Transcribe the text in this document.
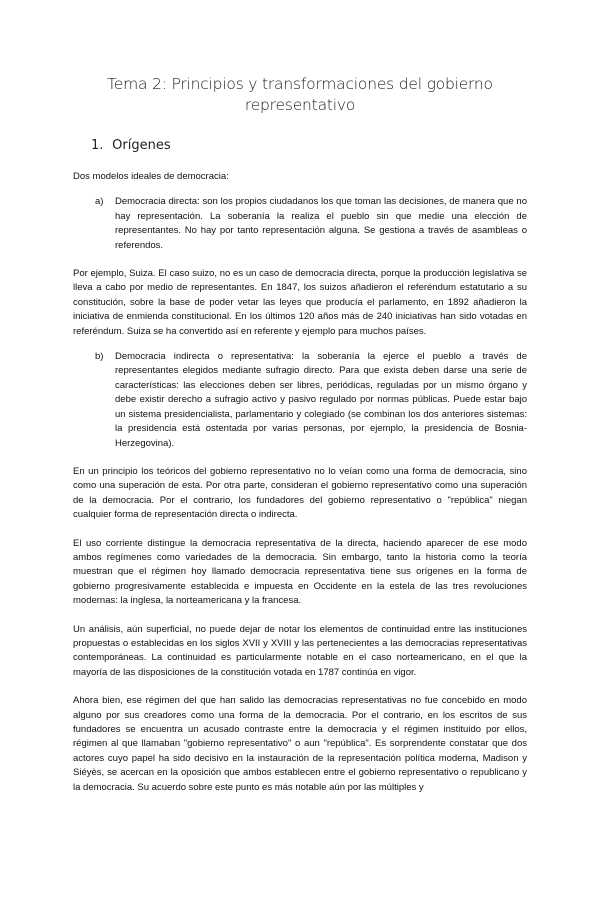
Tema 2: Principios y transformaciones del gobierno representativo
1. Orígenes

Dos modelos ideales de democracia:

a)	Democracia directa: son los propios ciudadanos los que toman las decisiones, de manera que no hay representación. La soberanía la realiza el pueblo sin que medie una elección de representantes. No hay por tanto representación alguna. Se gestiona a través de asambleas o referendos.

Por ejemplo, Suiza. El caso suizo, no es un caso de democracia directa, porque la producción legislativa se lleva a cabo por medio de representantes. En 1847, los suizos añadieron el referéndum estatutario a su constitución, sobre la base de poder vetar las leyes que producía el parlamento, en 1892 añadieron la iniciativa de enmienda constitucional. En los últimos 120 años más de 240 iniciativas han sido votadas en referéndum. Suiza se ha convertido así en referente y ejemplo para muchos países.

b)	Democracia indirecta o representativa: la soberanía la ejerce el pueblo a través de representantes elegidos mediante sufragio directo. Para que exista deben darse una serie de características: las elecciones deben ser libres, periódicas, reguladas por un mismo órgano y debe existir derecho a sufragio activo y pasivo regulado por normas públicas. Puede estar bajo un sistema presidencialista, parlamentario y colegiado (se combinan los dos anteriores sistemas: la presidencia está ostentada por varias personas, por ejemplo, la presidencia de Bosnia-Herzegovina).

En un principio los teóricos del gobierno representativo no lo veían como una forma de democracia, sino como una superación de esta. Por otra parte, consideran el gobierno representativo como una superación de la democracia. Por el contrario, los fundadores del gobierno representativo o "república" niegan cualquier forma de representación directa o indirecta.

El uso corriente distingue la democracia representativa de la directa, haciendo aparecer de ese modo ambos regímenes como variedades de la democracia. Sin embargo, tanto la historia como la teoría muestran que el régimen hoy llamado democracia representativa tiene sus orígenes en la forma de gobierno progresivamente establecida e impuesta en Occidente en la estela de las tres revoluciones modernas: la inglesa, la norteamericana y la francesa.

Un análisis, aún superficial, no puede dejar de notar los elementos de continuidad entre las instituciones propuestas o establecidas en los siglos XVII y XVIII y las pertenecientes a las democracias representativas contemporáneas. La continuidad es particularmente notable en el caso norteamericano, en el que la mayoría de las disposiciones de la constitución votada en 1787 continúa en vigor.

Ahora bien, ese régimen del que han salido las democracias representativas no fue concebido en modo alguno por sus creadores como una forma de la democracia. Por el contrario, en los escritos de sus fundadores se encuentra un acusado contraste entre la democracia y el régimen instituido por ellos, régimen al que llamaban "gobierno representativo" o aun "república". Es sorprendente constatar que dos actores cuyo papel ha sido decisivo en la instauración de la representación política moderna, Madison y Siéyès, se acercan en la oposición que ambos establecen entre el gobierno representativo o republicano y la democracia. Su acuerdo sobre este punto es más notable aún por las múltiples y
